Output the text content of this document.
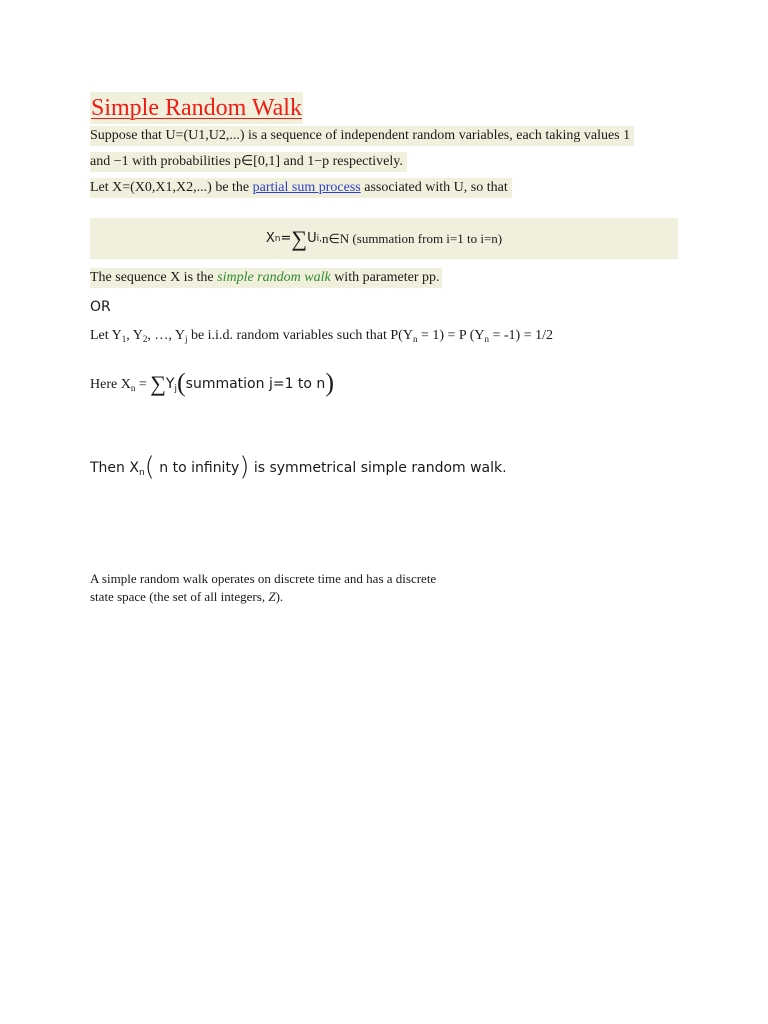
Simple Random Walk
Suppose that U=(U1,U2,...) is a sequence of independent random variables, each taking values 1
and −1 with probabilities p∈[0,1] and 1−p respectively.
Let X=(X0,X1,X2,...) be the partial sum process associated with U, so that
X n = ∑ U i, n∈N (summation from i=1 to i=n)
The sequence X is the simple random walk with parameter pp.
OR
Let $Y_1$, $Y_2$, …, $Y_j$ be i.i.d. random variables such that $P(Y_n = 1) = P$ $(Y_n = -1) = 1/2$
Here $X_n$ = $\sum Y_j(summation$ j=1 to n)
Then $X_n$( n to infinity) is symmetrical simple random walk.
A simple random walk operates on discrete time and has a discrete
state space (the set of all integers, Z).
